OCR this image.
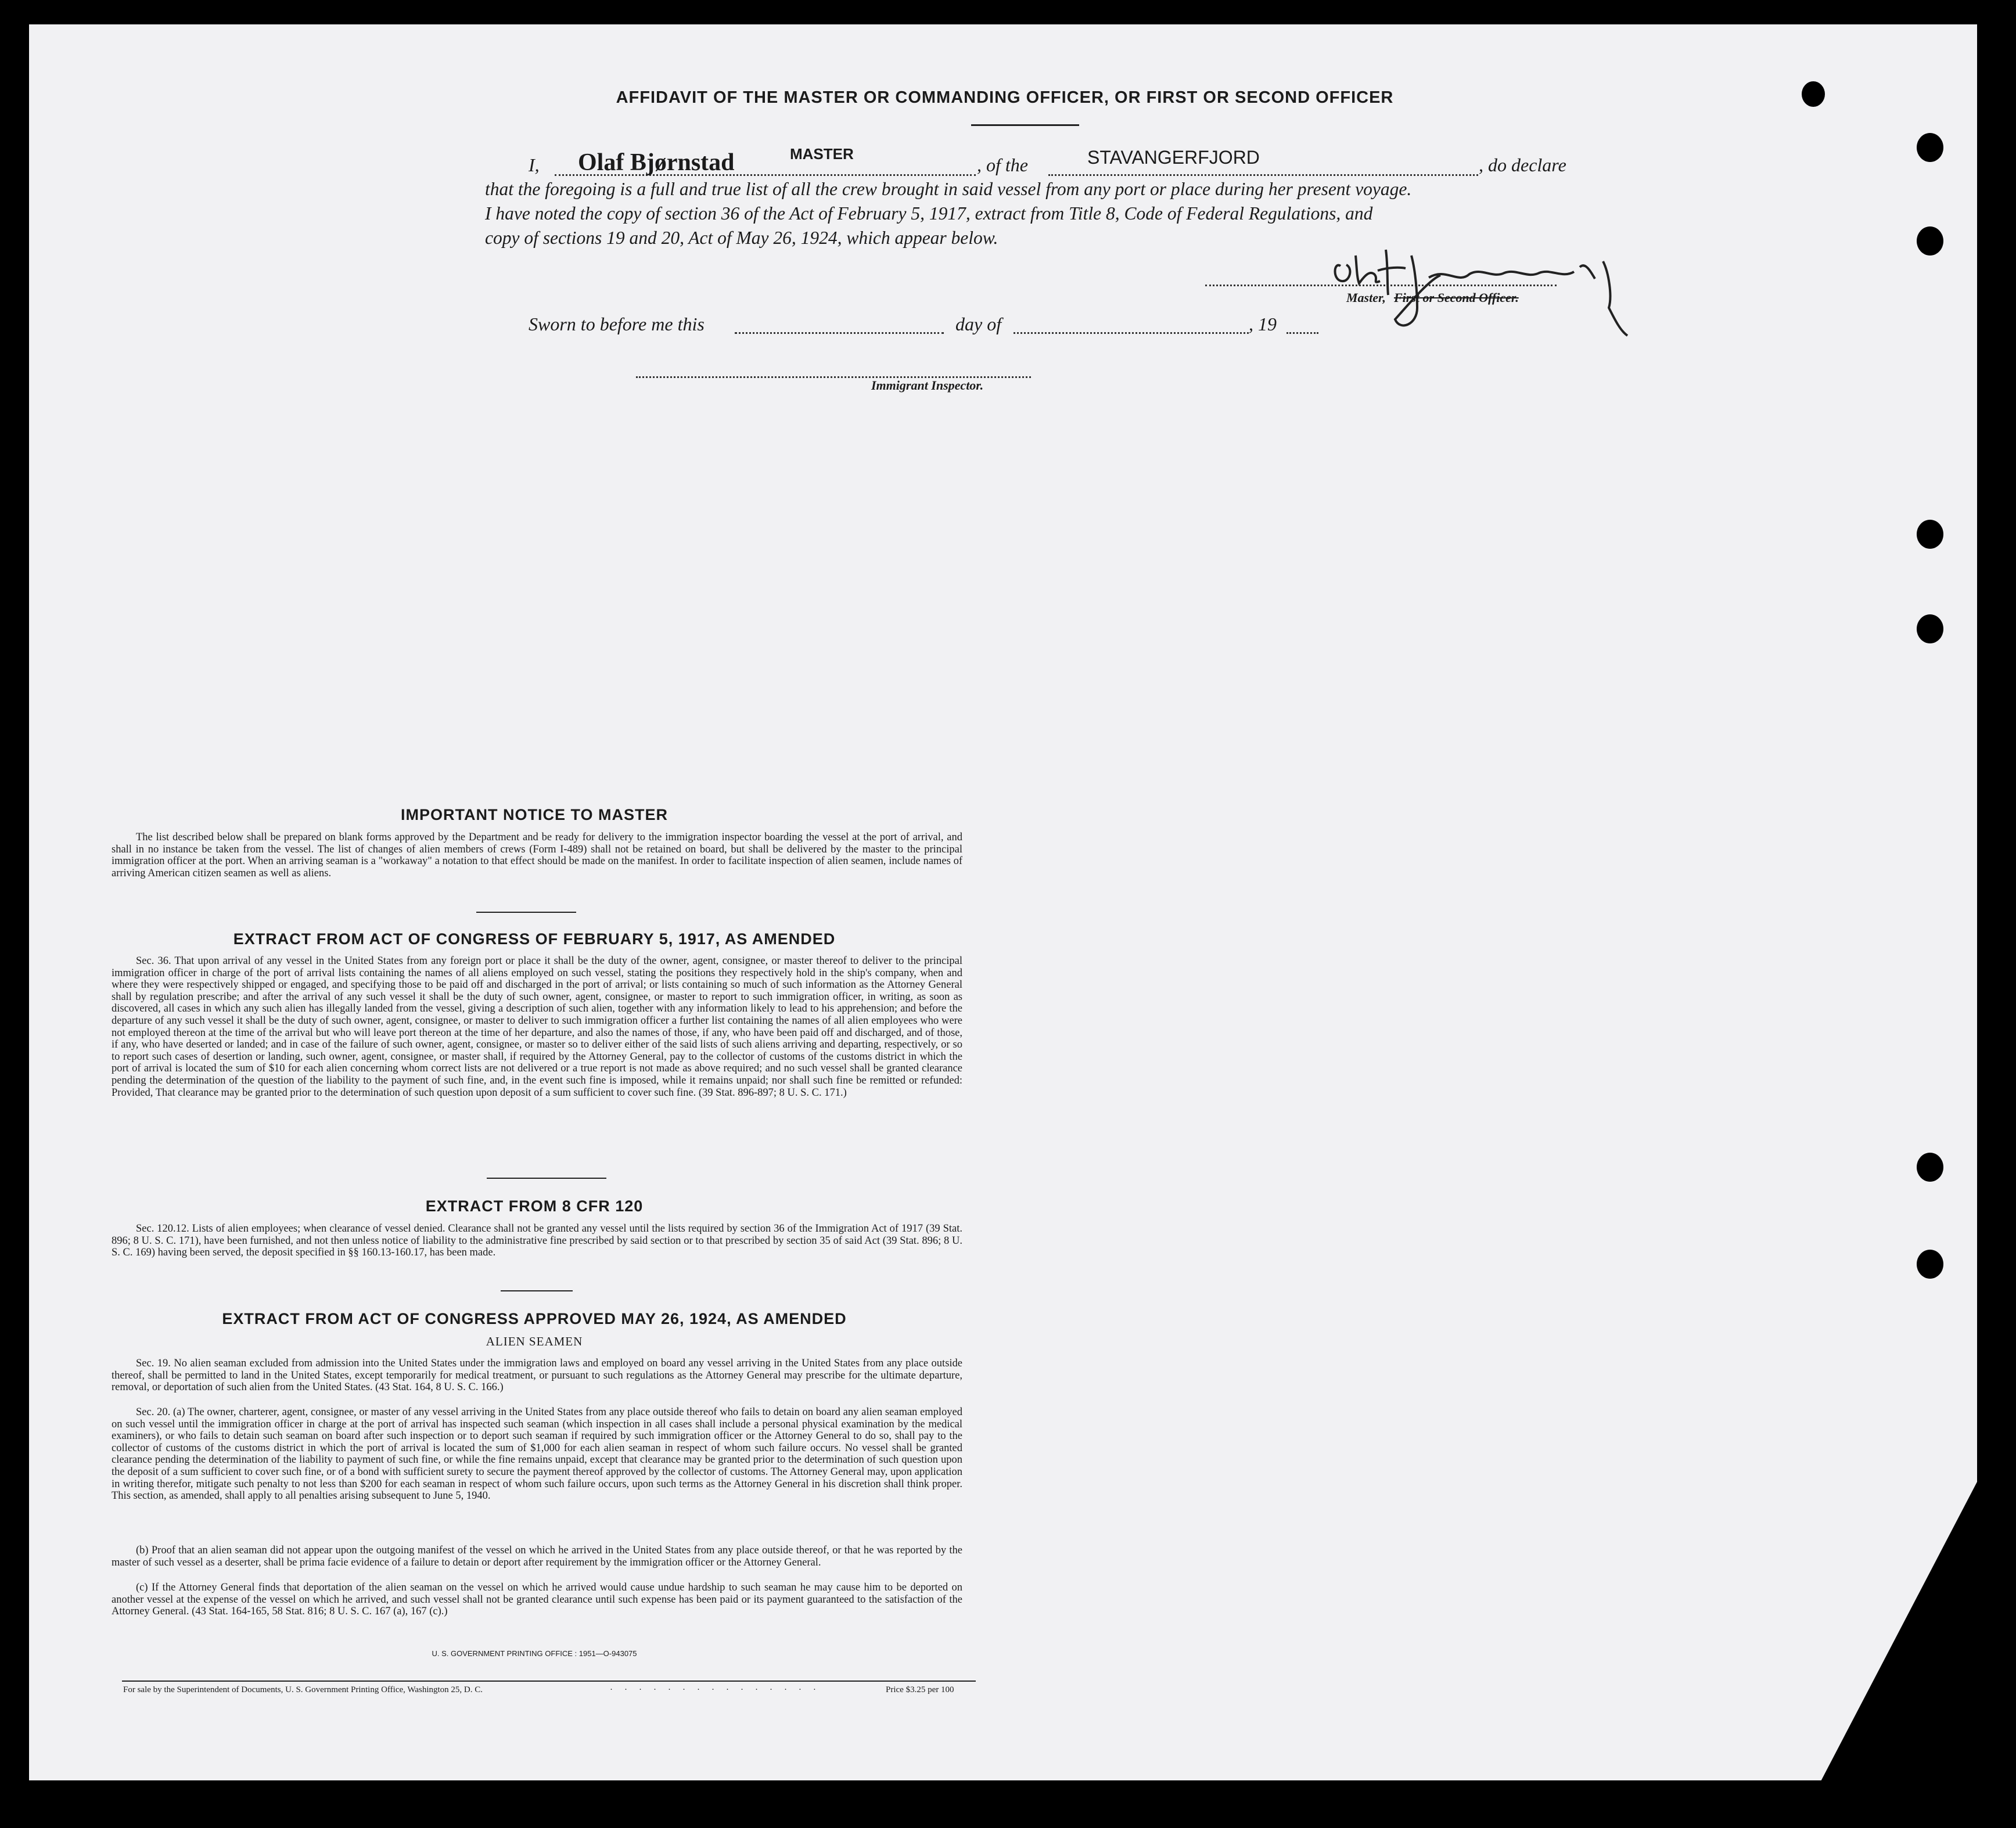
AFFIDAVIT OF THE MASTER OR COMMANDING OFFICER, OR FIRST OR SECOND OFFICER
I, Olaf Bjørnstad	MASTER
, of the	STAVANGERFJORD	, do declare
that the foregoing is a full and true list of all the crew brought in said vessel from any port or place during her present voyage.
I have noted the copy of section 36 of the Act of February 5, 1917, extract from Title 8, Code of Federal Regulations, and
copy of sections 19 and 20, Act of May 26, 1924, which appear below.
Master, First or Second Officer.
Sworn to before me this	day of	, 19
Immigrant Inspector.
IMPORTANT NOTICE TO MASTER
The list described below shall be prepared on blank forms approved by the Department and be ready for delivery to the immigration inspector boarding the vessel at the port of arrival, and shall in no instance be taken from the vessel. The list of changes of alien members of crews (Form I-489) shall not be retained on board, but shall be delivered by the master to the principal immigration officer at the port. When an arriving seaman is a "workaway" a notation to that effect should be made on the manifest. In order to facilitate inspection of alien seamen, include names of arriving American citizen seamen as well as aliens.
EXTRACT FROM ACT OF CONGRESS OF FEBRUARY 5, 1917, AS AMENDED
Sec. 36. That upon arrival of any vessel in the United States from any foreign port or place it shall be the duty of the owner, agent, consignee, or master thereof to deliver to the principal immigration officer in charge of the port of arrival lists containing the names of all aliens employed on such vessel, stating the positions they respectively hold in the ship's company, when and where they were respectively shipped or engaged, and specifying those to be paid off and discharged in the port of arrival; or lists containing so much of such information as the Attorney General shall by regulation prescribe; and after the arrival of any such vessel it shall be the duty of such owner, agent, consignee, or master to report to such immigration officer, in writing, as soon as discovered, all cases in which any such alien has illegally landed from the vessel, giving a description of such alien, together with any information likely to lead to his apprehension; and before the departure of any such vessel it shall be the duty of such owner, agent, consignee, or master to deliver to such immigration officer a further list containing the names of all alien employees who were not employed thereon at the time of the arrival but who will leave port thereon at the time of her departure, and also the names of those, if any, who have been paid off and discharged, and of those, if any, who have deserted or landed; and in case of the failure of such owner, agent, consignee, or master so to deliver either of the said lists of such aliens arriving and departing, respectively, or so to report such cases of desertion or landing, such owner, agent, consignee, or master shall, if required by the Attorney General, pay to the collector of customs of the customs district in which the port of arrival is located the sum of $10 for each alien concerning whom correct lists are not delivered or a true report is not made as above required; and no such vessel shall be granted clearance pending the determination of the question of the liability to the payment of such fine, and, in the event such fine is imposed, while it remains unpaid; nor shall such fine be remitted or refunded: Provided, That clearance may be granted prior to the determination of such question upon deposit of a sum sufficient to cover such fine. (39 Stat. 896-897; 8 U. S. C. 171.)
EXTRACT FROM 8 CFR 120
Sec. 120.12. Lists of alien employees; when clearance of vessel denied. Clearance shall not be granted any vessel until the lists required by section 36 of the Immigration Act of 1917 (39 Stat. 896; 8 U. S. C. 171), have been furnished, and not then unless notice of liability to the administrative fine prescribed by said section or to that prescribed by section 35 of said Act (39 Stat. 896; 8 U. S. C. 169) having been served, the deposit specified in §§ 160.13-160.17, has been made.
EXTRACT FROM ACT OF CONGRESS APPROVED MAY 26, 1924, AS AMENDED
ALIEN SEAMEN
Sec. 19. No alien seaman excluded from admission into the United States under the immigration laws and employed on board any vessel arriving in the United States from any place outside thereof, shall be permitted to land in the United States, except temporarily for medical treatment, or pursuant to such regulations as the Attorney General may prescribe for the ultimate departure, removal, or deportation of such alien from the United States. (43 Stat. 164, 8 U. S. C. 166.)
Sec. 20. (a) The owner, charterer, agent, consignee, or master of any vessel arriving in the United States from any place outside thereof who fails to detain on board any alien seaman employed on such vessel until the immigration officer in charge at the port of arrival has inspected such seaman (which inspection in all cases shall include a personal physical examination by the medical examiners), or who fails to detain such seaman on board after such inspection or to deport such seaman if required by such immigration officer or the Attorney General to do so, shall pay to the collector of customs of the customs district in which the port of arrival is located the sum of $1,000 for each alien seaman in respect of whom such failure occurs. No vessel shall be granted clearance pending the determination of the liability to payment of such fine, or while the fine remains unpaid, except that clearance may be granted prior to the determination of such question upon the deposit of a sum sufficient to cover such fine, or of a bond with sufficient surety to secure the payment thereof approved by the collector of customs. The Attorney General may, upon application in writing therefor, mitigate such penalty to not less than $200 for each seaman in respect of whom such failure occurs, upon such terms as the Attorney General in his discretion shall think proper. This section, as amended, shall apply to all penalties arising subsequent to June 5, 1940.
(b) Proof that an alien seaman did not appear upon the outgoing manifest of the vessel on which he arrived in the United States from any place outside thereof, or that he was reported by the master of such vessel as a deserter, shall be prima facie evidence of a failure to detain or deport after requirement by the immigration officer or the Attorney General.
(c) If the Attorney General finds that deportation of the alien seaman on the vessel on which he arrived would cause undue hardship to such seaman he may cause him to be deported on another vessel at the expense of the vessel on which he arrived, and such vessel shall not be granted clearance until such expense has been paid or its payment guaranteed to the satisfaction of the Attorney General. (43 Stat. 164-165, 58 Stat. 816; 8 U. S. C. 167 (a), 167 (c).)
U. S. GOVERNMENT PRINTING OFFICE : 1951—O-943075
For sale by the Superintendent of Documents, U. S. Government Printing Office, Washington 25, D. C.	···············	Price $3.25 per 100
